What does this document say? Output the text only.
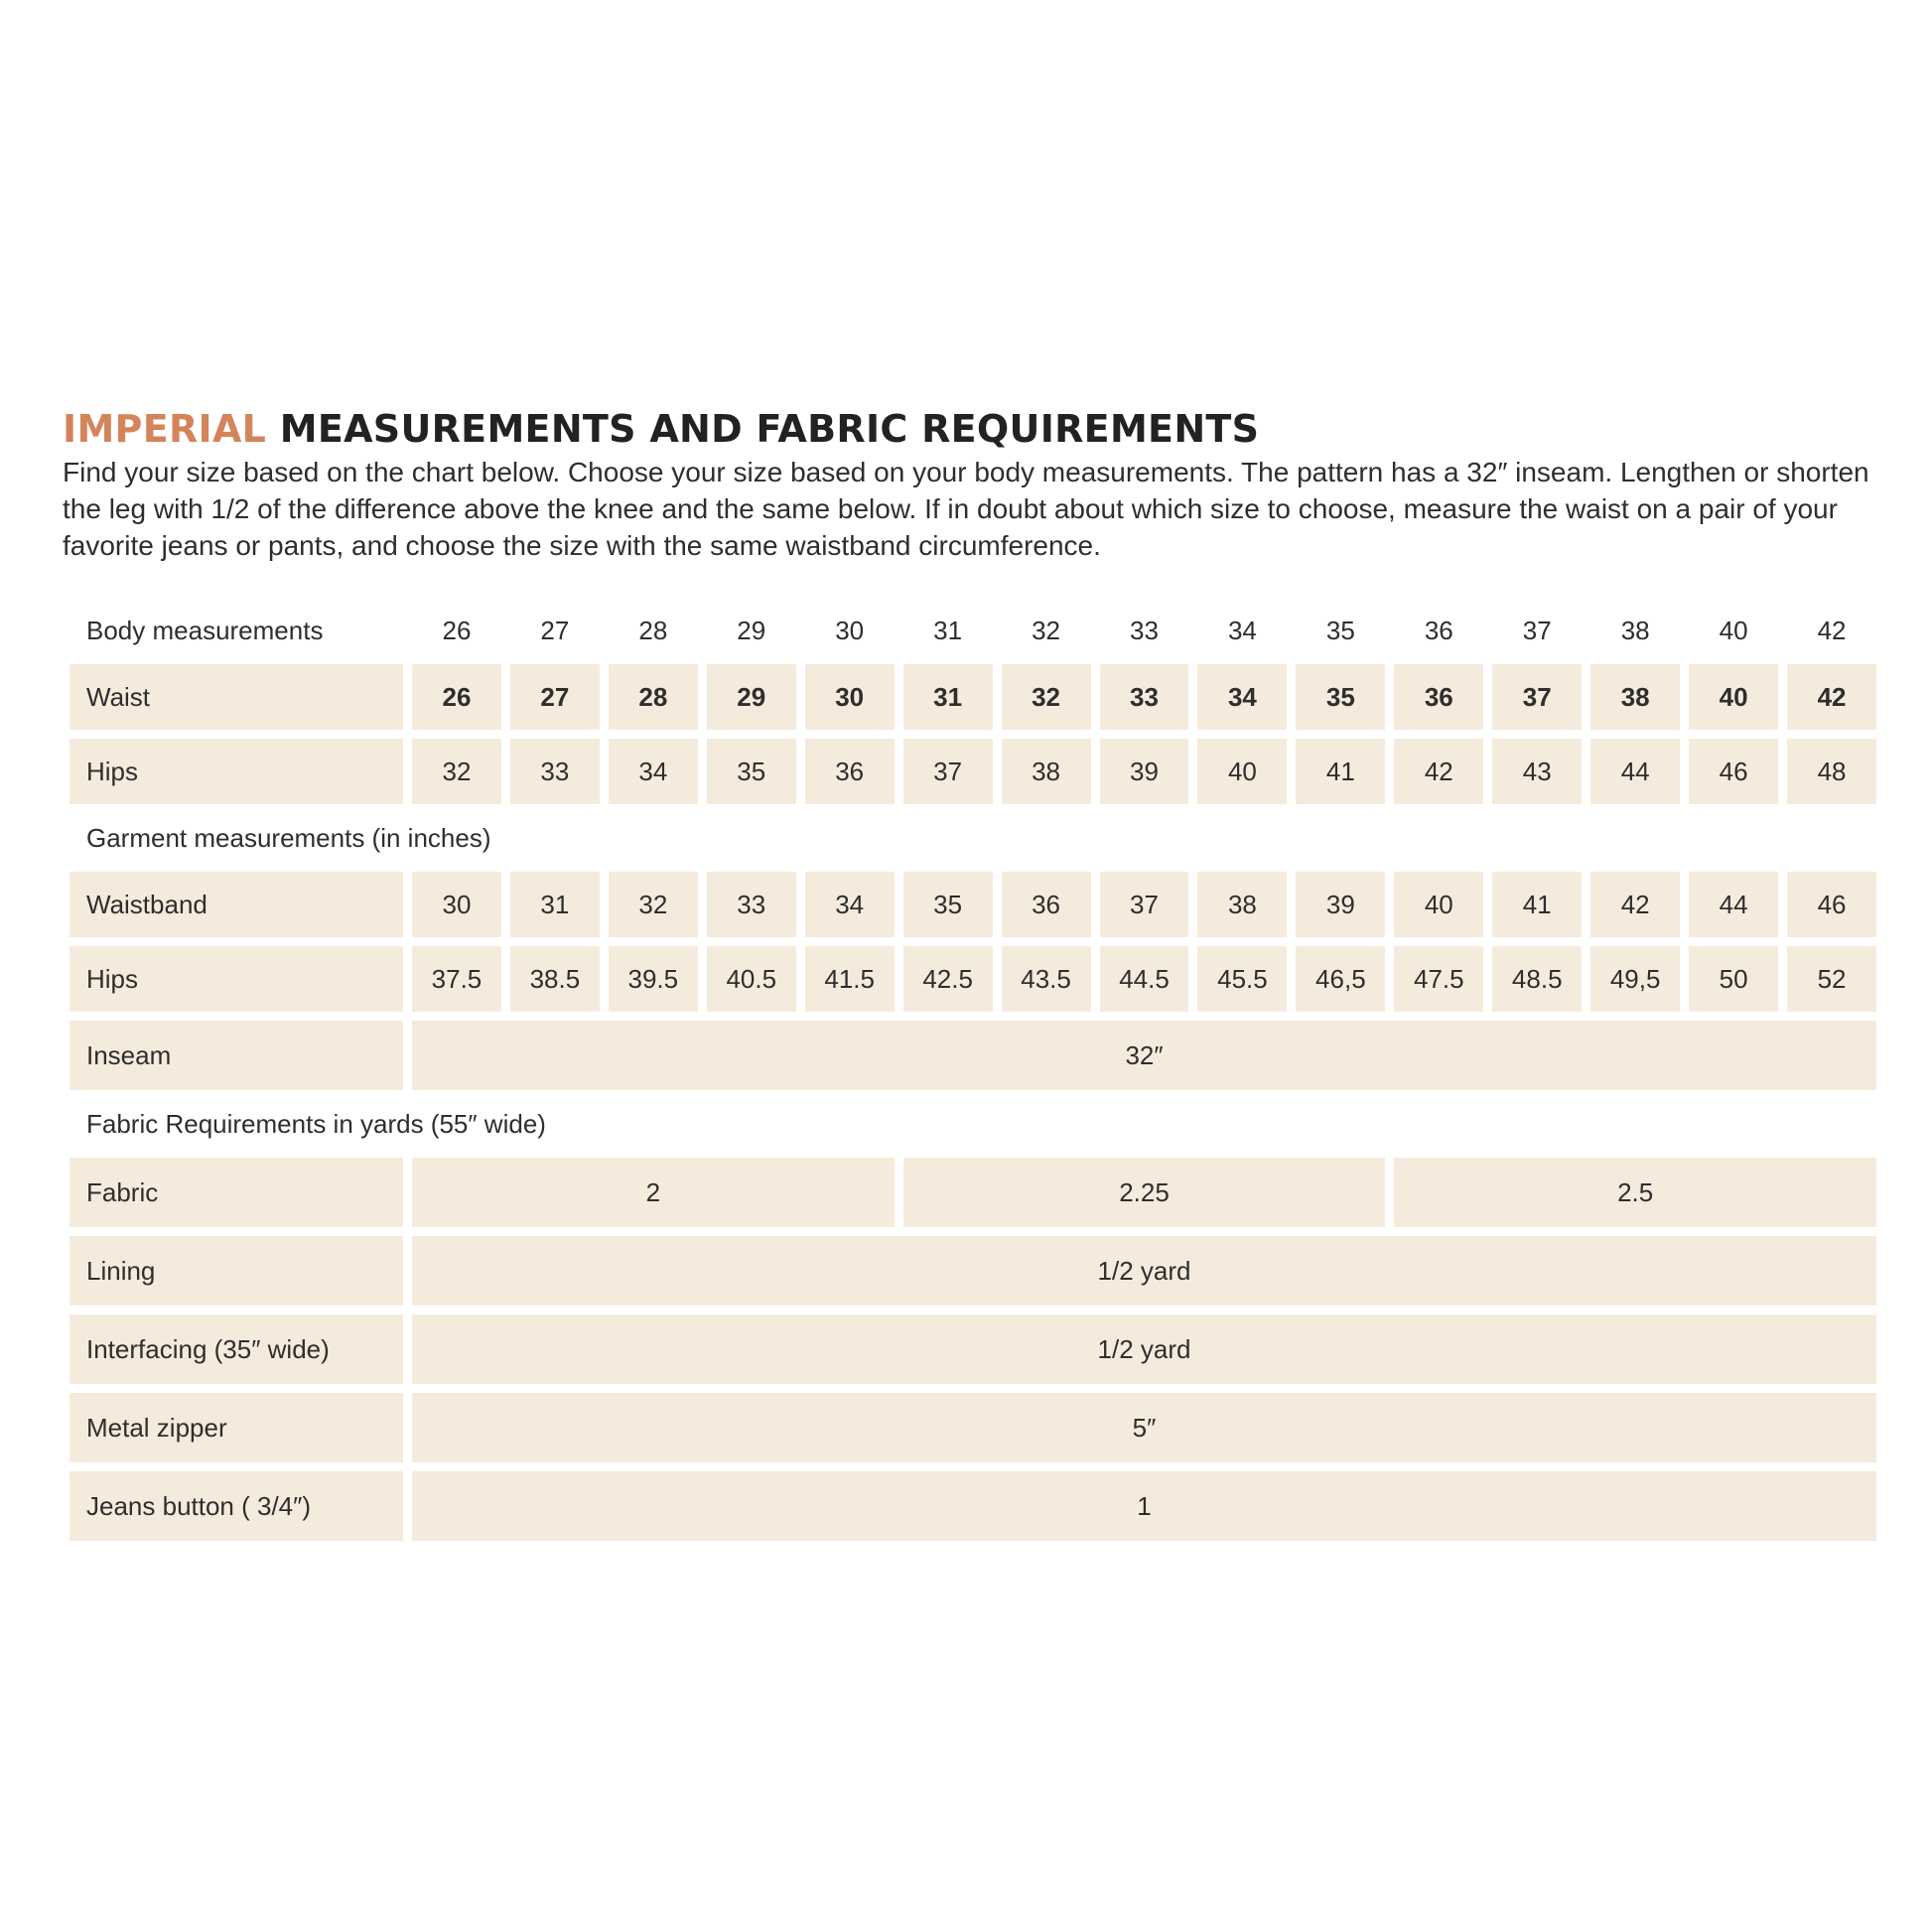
IMPERIAL MEASUREMENTS AND FABRIC REQUIREMENTS

Find your size based on the chart below. Choose your size based on your body measurements. The pattern has a 32″ inseam. Lengthen or shorten the leg with 1/2 of the difference above the knee and the same below. If in doubt about which size to choose, measure the waist on a pair of your favorite jeans or pants, and choose the size with the same waistband circumference.

Body measurements	26	27	28	29	30	31	32	33	34	35	36	37	38	40	42
Waist	26	27	28	29	30	31	32	33	34	35	36	37	38	40	42
Hips	32	33	34	35	36	37	38	39	40	41	42	43	44	46	48
Garment measurements (in inches)
Waistband	30	31	32	33	34	35	36	37	38	39	40	41	42	44	46
Hips	37.5	38.5	39.5	40.5	41.5	42.5	43.5	44.5	45.5	46,5	47.5	48.5	49,5	50	52
Inseam	32″
Fabric Requirements in yards (55″ wide)
Fabric	2	2.25	2.5
Lining	1/2 yard
Interfacing (35″ wide)	1/2 yard
Metal zipper	5″
Jeans button ( 3/4″)	1
